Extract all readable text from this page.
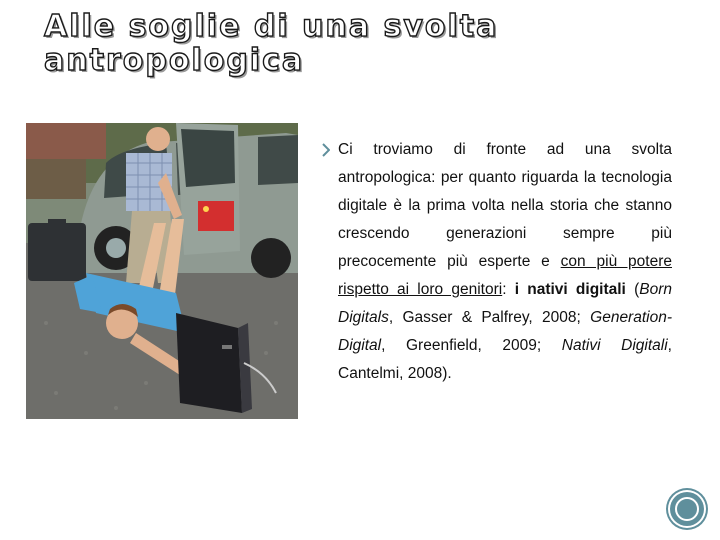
Alle soglie di una svolta antropologica
Ci troviamo di fronte ad una svolta antropologica: per quanto riguarda la tecnologia digitale è la prima volta nella storia che stanno crescendo generazioni sempre più precocemente più esperte e con più potere rispetto ai loro genitori: i nativi digitali (Born Digitals, Gasser & Palfrey, 2008; Generation-Digital, Greenfield, 2009; Nativi Digitali, Cantelmi, 2008).
